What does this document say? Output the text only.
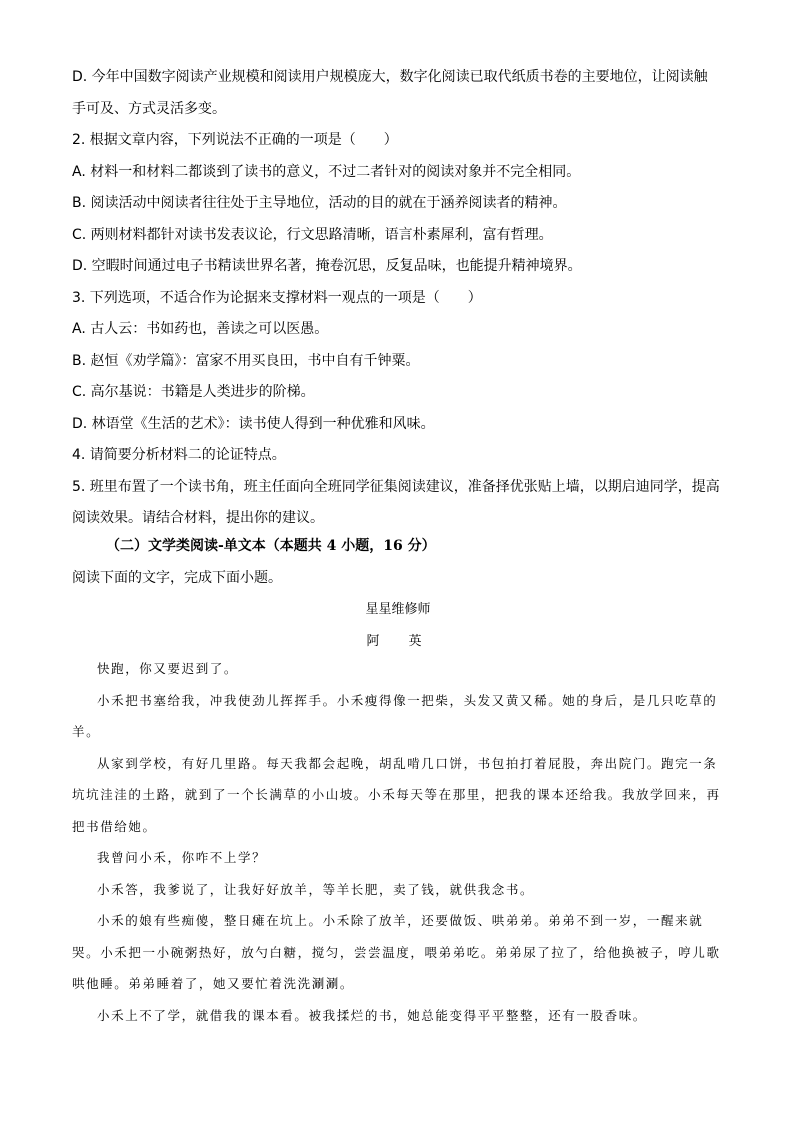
D. 今年中国数字阅读产业规模和阅读用户规模庞大，数字化阅读已取代纸质书卷的主要地位，让阅读触

手可及、方式灵活多变。

2. 根据文章内容，下列说法不正确的一项是（　　）

A. 材料一和材料二都谈到了读书的意义，不过二者针对的阅读对象并不完全相同。

B. 阅读活动中阅读者往往处于主导地位，活动的目的就在于涵养阅读者的精神。

C. 两则材料都针对读书发表议论，行文思路清晰，语言朴素犀利，富有哲理。

D. 空暇时间通过电子书精读世界名著，掩卷沉思，反复品味，也能提升精神境界。

3. 下列选项，不适合作为论据来支撑材料一观点的一项是（　　）

A. 古人云：书如药也，善读之可以医愚。

B. 赵恒《劝学篇》：富家不用买良田，书中自有千钟粟。

C. 高尔基说：书籍是人类进步的阶梯。

D. 林语堂《生活的艺术》：读书使人得到一种优雅和风味。

4. 请简要分析材料二的论证特点。

5. 班里布置了一个读书角，班主任面向全班同学征集阅读建议，准备择优张贴上墙，以期启迪同学，提高阅读效果。请结合材料，提出你的建议。

（二）文学类阅读-单文本（本题共 4 小题，16 分）

阅读下面的文字，完成下面小题。

星星维修师

阿　英

快跑，你又要迟到了。

小禾把书塞给我，冲我使劲儿挥挥手。小禾瘦得像一把柴，头发又黄又稀。她的身后，是几只吃草的羊。

从家到学校，有好几里路。每天我都会起晚，胡乱啃几口饼，书包拍打着屁股，奔出院门。跑完一条坑坑洼洼的土路，就到了一个长满草的小山坡。小禾每天等在那里，把我的课本还给我。我放学回来，再把书借给她。

我曾问小禾，你咋不上学？

小禾答，我爹说了，让我好好放羊，等羊长肥，卖了钱，就供我念书。

小禾的娘有些痴傻，整日瘫在坑上。小禾除了放羊，还要做饭、哄弟弟。弟弟不到一岁，一醒来就哭。小禾把一小碗粥热好，放勺白糖，搅匀，尝尝温度，喂弟弟吃。弟弟尿了拉了，给他换被子，哼儿歌哄他睡。弟弟睡着了，她又要忙着洗洗涮涮。

小禾上不了学，就借我的课本看。被我揉烂的书，她总能变得平平整整，还有一股香味。
